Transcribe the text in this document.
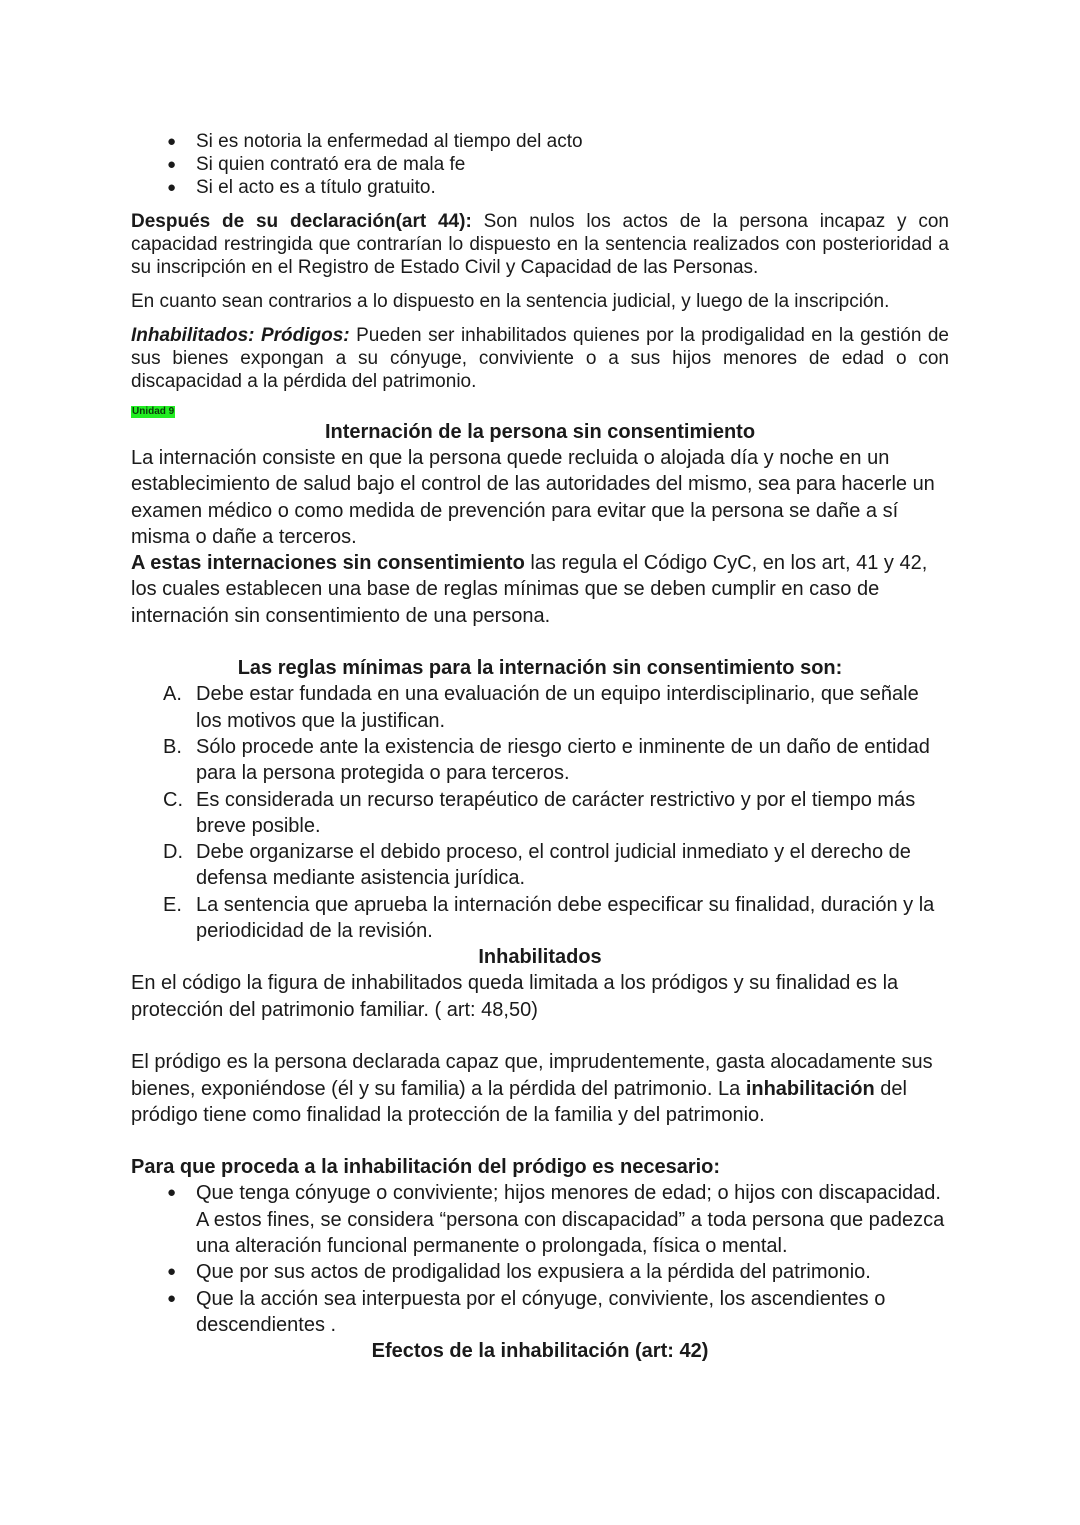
● Si es notoria la enfermedad al tiempo del acto
● Si quien contrató era de mala fe
● Si el acto es a título gratuito.

Después de su declaración(art 44): Son nulos los actos de la persona incapaz y con capacidad restringida que contrarían lo dispuesto en la sentencia realizados con posterioridad a su inscripción en el Registro de Estado Civil y Capacidad de las Personas.

En cuanto sean contrarios a lo dispuesto en la sentencia judicial, y luego de la inscripción.

Inhabilitados: Pródigos: Pueden ser inhabilitados quienes por la prodigalidad en la gestión de sus bienes expongan a su cónyuge, conviviente o a sus hijos menores de edad o con discapacidad a la pérdida del patrimonio.

Unidad 9

Internación de la persona sin consentimiento

La internación consiste en que la persona quede recluida o alojada día y noche en un establecimiento de salud bajo el control de las autoridades del mismo, sea para hacerle un examen médico o como medida de prevención para evitar que la persona se dañe a sí misma o dañe a terceros.

A estas internaciones sin consentimiento las regula el Código CyC, en los art, 41 y 42, los cuales establecen una base de reglas mínimas que se deben cumplir en caso de internación sin consentimiento de una persona.

Las reglas mínimas para la internación sin consentimiento son:

A. Debe estar fundada en una evaluación de un equipo interdisciplinario, que señale los motivos que la justifican.
B. Sólo procede ante la existencia de riesgo cierto e inminente de un daño de entidad para la persona protegida o para terceros.
C. Es considerada un recurso terapéutico de carácter restrictivo y por el tiempo más breve posible.
D. Debe organizarse el debido proceso, el control judicial inmediato y el derecho de defensa mediante asistencia jurídica.
E. La sentencia que aprueba la internación debe especificar su finalidad, duración y la periodicidad de la revisión.

Inhabilitados

En el código la figura de inhabilitados queda limitada a los pródigos y su finalidad es la protección del patrimonio familiar. ( art: 48,50)

El pródigo es la persona declarada capaz que, imprudentemente, gasta alocadamente sus bienes, exponiéndose (él y su familia) a la pérdida del patrimonio. La inhabilitación del pródigo tiene como finalidad la protección de la familia y del patrimonio.

Para que proceda a la inhabilitación del pródigo es necesario:

● Que tenga cónyuge o conviviente; hijos menores de edad; o hijos con discapacidad. A estos fines, se considera “persona con discapacidad” a toda persona que padezca una alteración funcional permanente o prolongada, física o mental.
● Que por sus actos de prodigalidad los expusiera a la pérdida del patrimonio.
● Que la acción sea interpuesta por el cónyuge, conviviente, los ascendientes o descendientes .

Efectos de la inhabilitación (art: 42)
